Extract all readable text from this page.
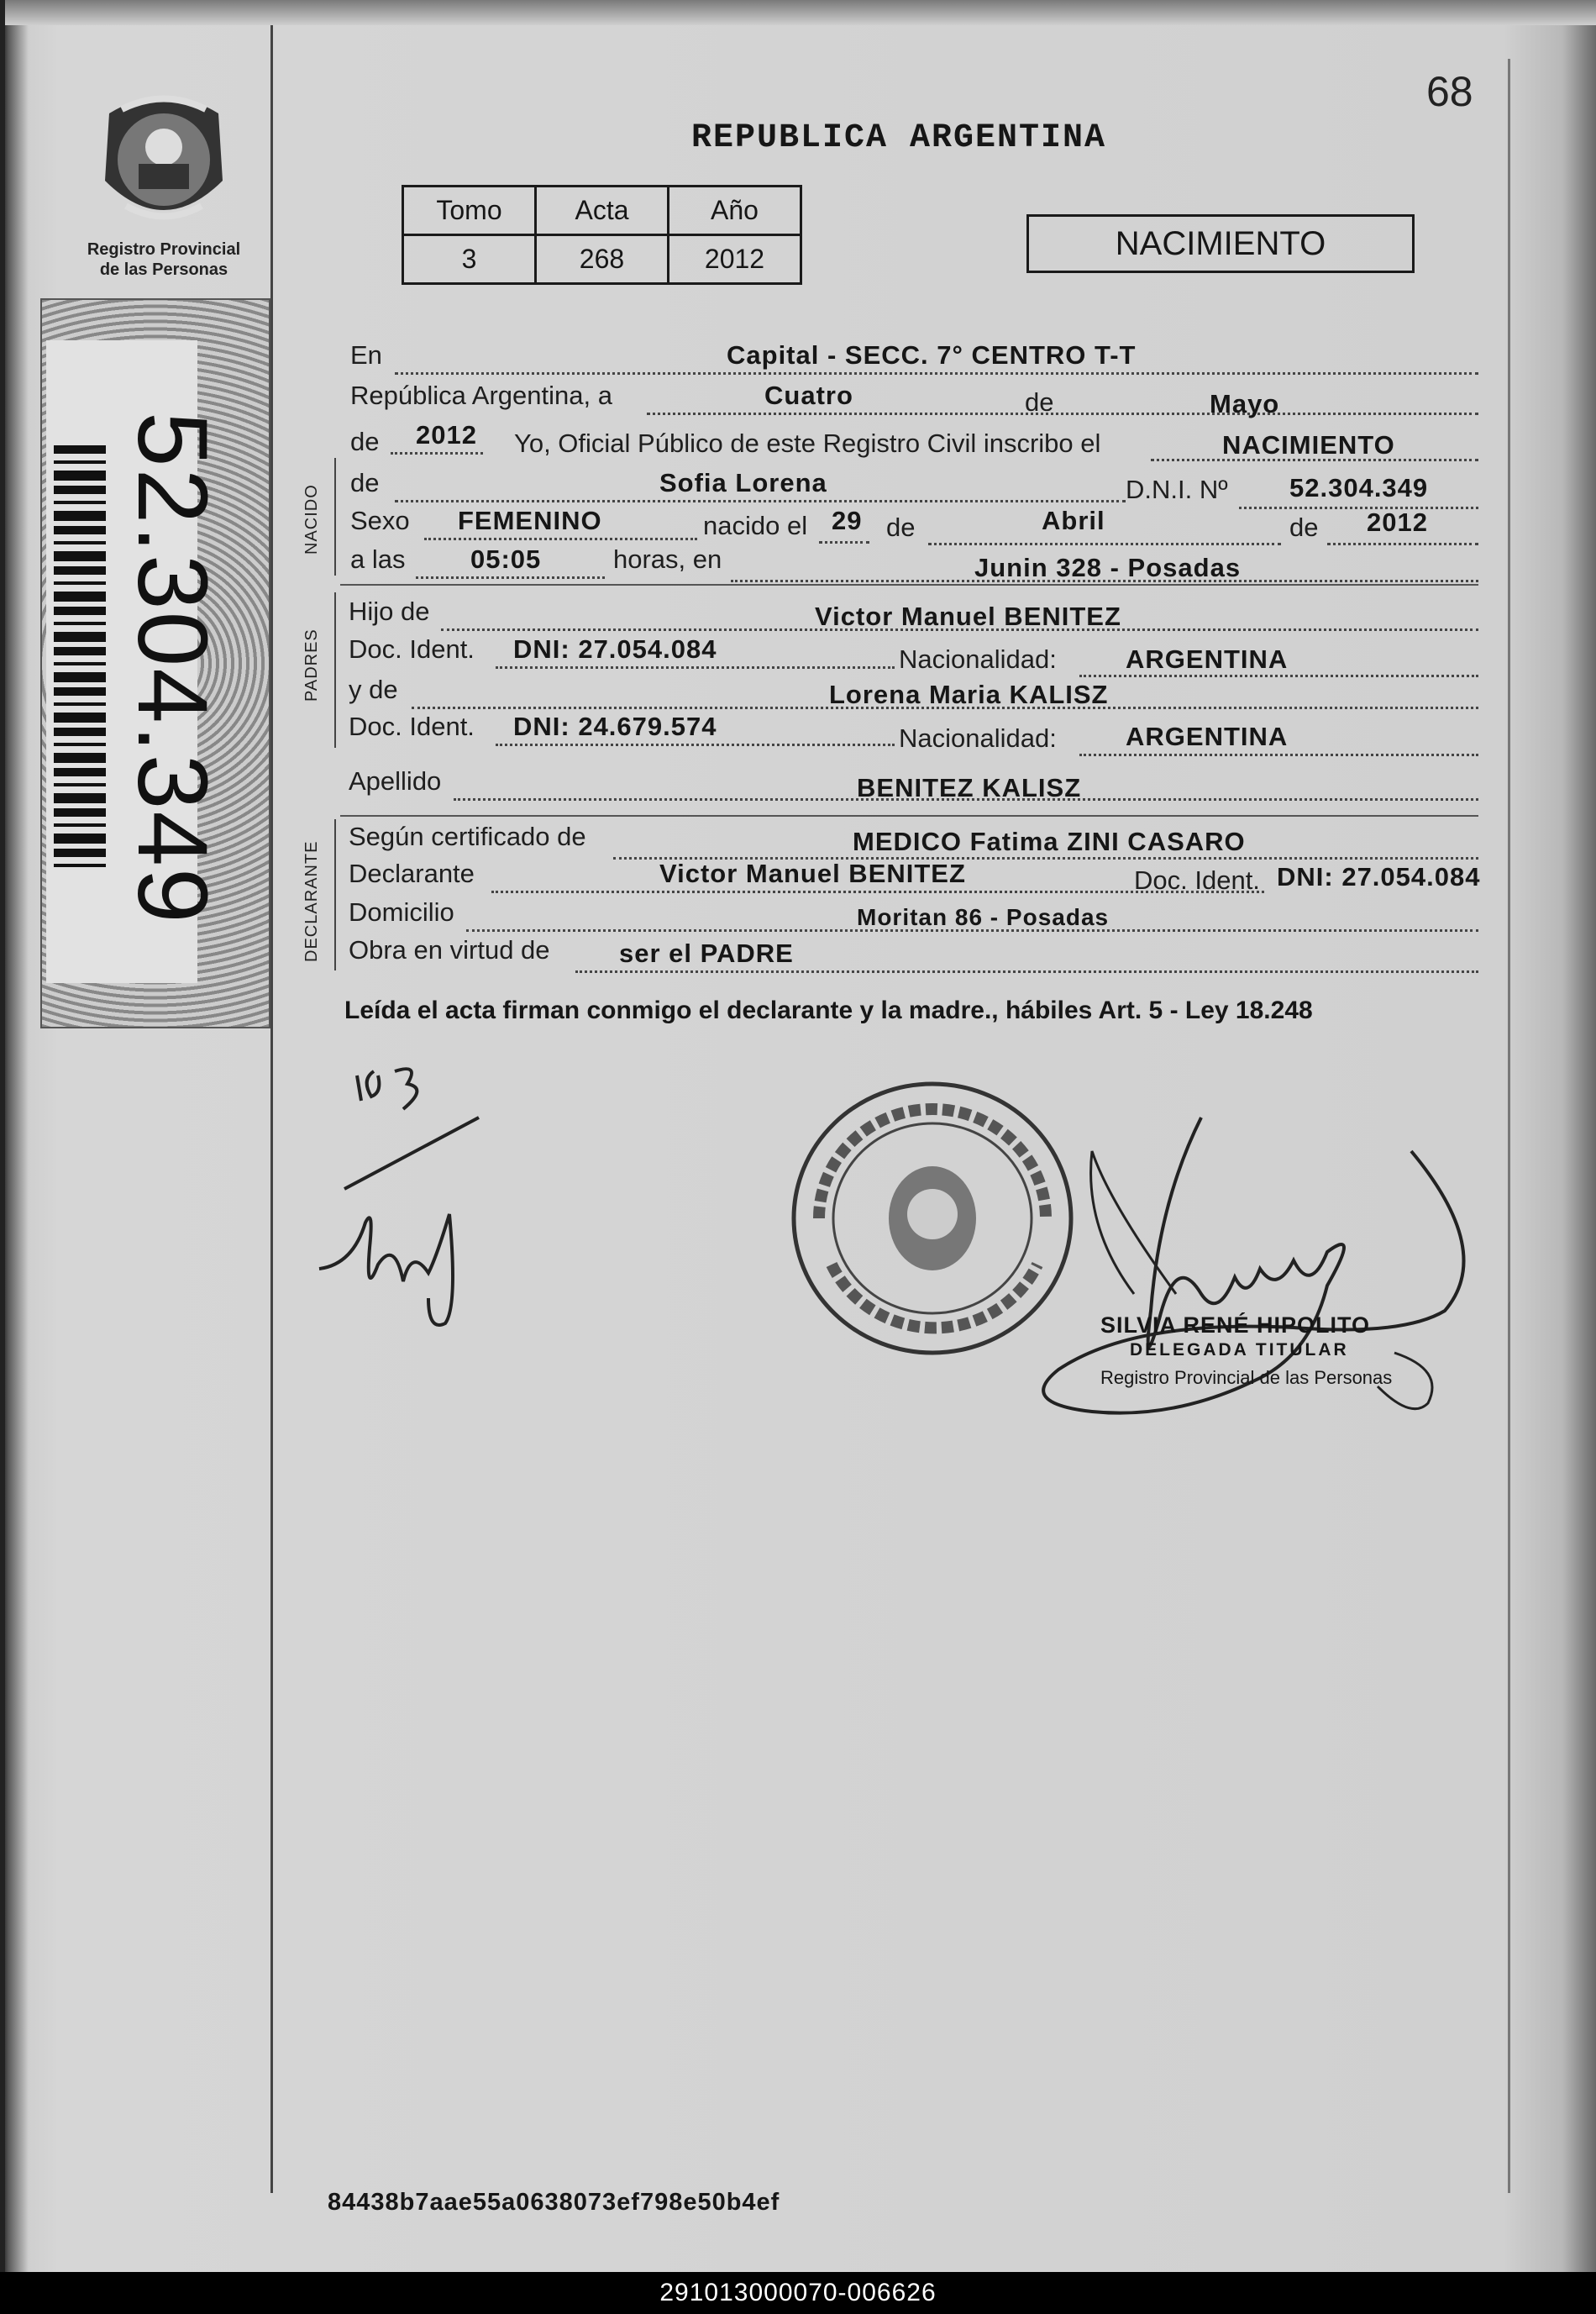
Registro Provincial
de las Personas
52.304.349
68
REPUBLICA ARGENTINA
Tomo	Acta	Año
3	268	2012	NACIMIENTO
NACIDO
PADRES
DECLARANTE
En	Capital - SECC. 7° CENTRO T-T
República Argentina, a	Cuatro	de	Mayo
de 2012 Yo, Oficial Público de este Registro Civil inscribo el	NACIMIENTO
de	Sofia Lorena	D.N.I. Nº 52.304.349
Sexo FEMENINO	nacido el 29 de	Abril	de 2012
a las	05:05	horas, en	Junin 328 - Posadas
Hijo de	Victor Manuel BENITEZ
Doc. Ident. DNI: 27.054.084	Nacionalidad:	ARGENTINA
y de	Lorena Maria KALISZ
Doc. Ident. DNI: 24.679.574	Nacionalidad:	ARGENTINA
Apellido	BENITEZ KALISZ
Según certificado de	MEDICO Fatima ZINI CASARO
Declarante	Victor Manuel BENITEZ	Doc. Ident. DNI: 27.054.084
Domicilio	Moritan 86 - Posadas
Obra en virtud de	ser el PADRE
Leída el acta firman conmigo el declarante y la madre., hábiles Art. 5 - Ley 18.248
SILVIA RENÉ HIPOLITO
DELEGADA TITULAR
Registro Provincial de las Personas
84438b7aae55a0638073ef798e50b4ef
291013000070-006626
